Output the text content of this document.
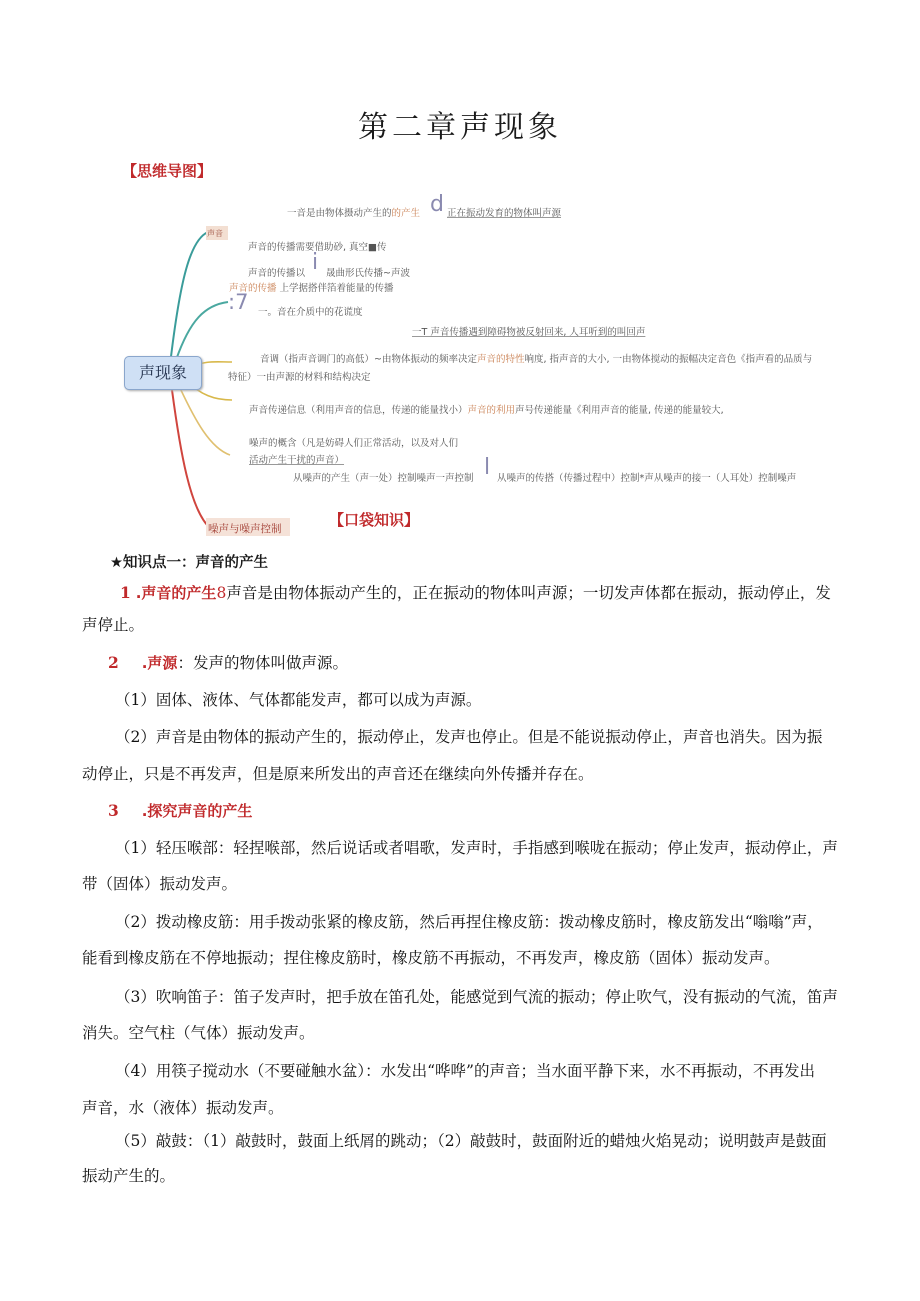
第二章声现象
【思维导图】
声现象
声音
噪声与噪声控制
一音是由物体摄动产生的的产生 d 正在振动发育的物体叫声源
声音的传播需要借助砂, 真空■传
声音的传播以 i 晟曲形氏传播~声波
声音的传播 上学据搭伴箔着能量的传播
:7 一。音在介质中的花谎度
一T 声音传播遇到障碍物被反射回来, 人耳听到的叫回声
音调（指声音调门的高低）~由物体振动的频率决定声音的特性响度, 指声音的大小, 一由物体搅动的振幅决定音色《指声看的品质与
特征）一由声源的材料和结构决定
声音传递信息（利用声音的信息，传递的能量找小）声音的利用声号传递能量《利用声音的能量, 传递的能量较大,
噪声的概含（凡是妨碍人们正常活动，以及对人们
活动产生干扰的声音）
从噪声的产生（声一处）控制噪声一声控制 l 从噪声的传搭（传播过程中）控制*声从噪声的接一（人耳处）控制噪声
【口袋知识】
★知识点一：声音的产生
1 .声音的产生8声音是由物体振动产生的，正在振动的物体叫声源；一切发声体都在振动，振动停止，发
声停止。
2 .声源：发声的物体叫做声源。
（1）固体、液体、气体都能发声，都可以成为声源。
（2）声音是由物体的振动产生的，振动停止，发声也停止。但是不能说振动停止，声音也消失。因为振
动停止，只是不再发声，但是原来所发出的声音还在继续向外传播并存在。
3 .探究声音的产生
（1）轻压喉部：轻捏喉部，然后说话或者唱歌，发声时，手指感到喉咙在振动；停止发声，振动停止，声
带（固体）振动发声。
（2）拨动橡皮筋：用手拨动张紧的橡皮筋，然后再捏住橡皮筋：拨动橡皮筋时，橡皮筋发出“嗡嗡”声，
能看到橡皮筋在不停地振动；捏住橡皮筋时，橡皮筋不再振动，不再发声，橡皮筋（固体）振动发声。
（3）吹响笛子：笛子发声时，把手放在笛孔处，能感觉到气流的振动；停止吹气，没有振动的气流，笛声
消失。空气柱（气体）振动发声。
（4）用筷子搅动水（不要碰触水盆）：水发出“哗哗”的声音；当水面平静下来，水不再振动，不再发出
声音，水（液体）振动发声。
（5）敲鼓：（1）敲鼓时，鼓面上纸屑的跳动；（2）敲鼓时，鼓面附近的蜡烛火焰晃动；说明鼓声是鼓面
振动产生的。
